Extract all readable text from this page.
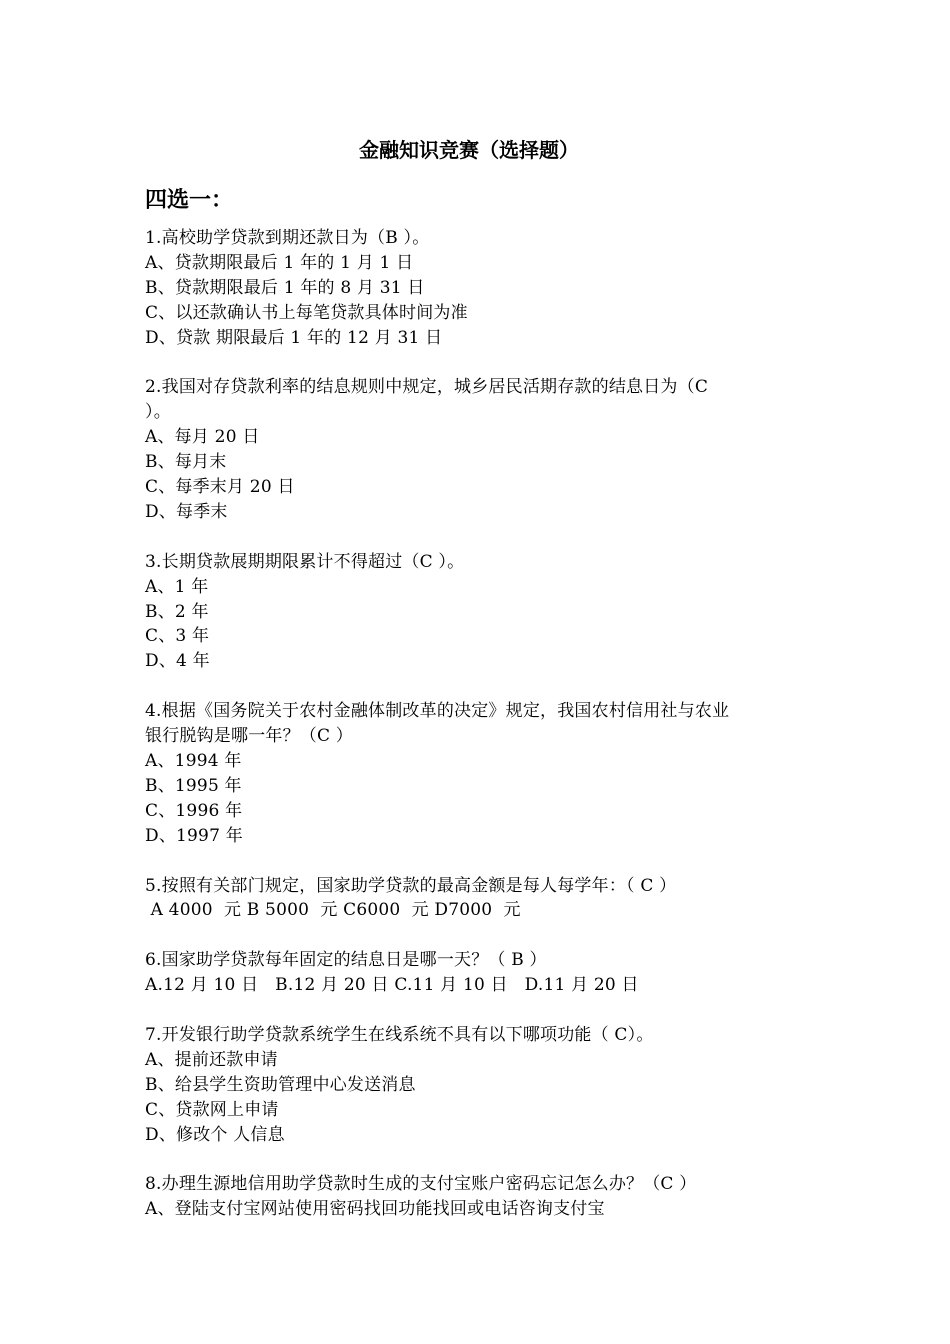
金融知识竞赛（选择题）
四选一：
1.高校助学贷款到期还款日为（B ）。
A、贷款期限最后 1 年的 1 月 1 日
B、贷款期限最后 1 年的 8 月 31 日
C、以还款确认书上每笔贷款具体时间为准
D、贷款 期限最后 1 年的 12 月 31 日
2.我国对存贷款利率的结息规则中规定，城乡居民活期存款的结息日为（C
）。
A、每月 20 日
B、每月末
C、每季末月 20 日
D、每季末
3.长期贷款展期期限累计不得超过（C ）。
A、1 年
B、2 年
C、3 年
D、4 年
4.根据《国务院关于农村金融体制改革的决定》规定，我国农村信用社与农业
银行脱钩是哪一年？（C ）
A、1994 年
B、1995 年
C、1996 年
D、1997 年
5.按照有关部门规定，国家助学贷款的最高金额是每人每学年：（ C ）
A 4000  元 B 5000  元 C6000  元 D7000  元
6.国家助学贷款每年固定的结息日是哪一天？（ B ）
A.12 月 10 日   B.12 月 20 日 C.11 月 10 日   D.11 月 20 日
7.开发银行助学贷款系统学生在线系统不具有以下哪项功能（ C）。
A、提前还款申请
B、给县学生资助管理中心发送消息
C、贷款网上申请
D、修改个 人信息
8.办理生源地信用助学贷款时生成的支付宝账户密码忘记怎么办？（C ）
A、登陆支付宝网站使用密码找回功能找回或电话咨询支付宝
